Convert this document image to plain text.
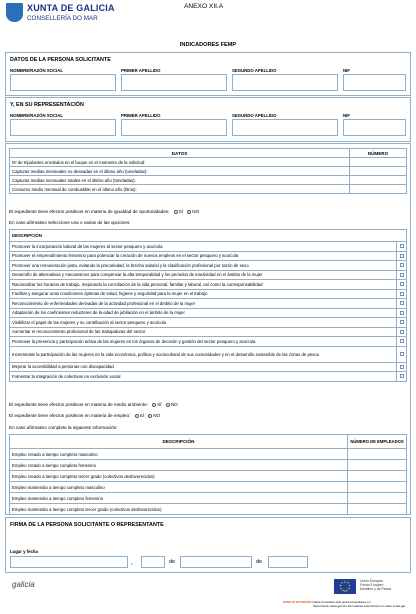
XUNTA DE GALICIA
CONSELLERÍA DO MAR
ANEXO XII.A
INDICADORES FEMP
DATOS DE LA PERSONA SOLICITANTE
NOMBRE/RAZÓN SOCIAL	PRIMER APELLIDO	SEGUNDO APELLIDO	NIF
Y, EN SU REPRESENTACIÓN
NOMBRE/RAZÓN SOCIAL	PRIMER APELLIDO	SEGUNDO APELLIDO	NIF
DATOS	NÚMERO
Nº de tripulantes enrolados en el buque en el momento de la solicitud:	
Capturas medias mensuales no deseadas en el último año (toneladas):	
Capturas medias mensuales totales en el último año (toneladas):	
Consumo medio mensual de combustible en el último año (litros):	
El expediente tiene efectos positivos en materia de igualdad de oportunidades: SÍ NO
En caso afirmativo seleccione una o varias de las opciones:
DESCRIPCIÓN	
Promover la incorporación laboral de las mujeres al sector pesquero y acuícola	

Promover el emprendimiento femenino para potenciar la creación de nuevos empleos en el sector pesquero y acuícola	

Promover una remuneración justa, evitando la precariedad, la brecha salarial y la clasificación profesional por razón de sexo	

Desarrollo de alternativas y mecanismos para compensar la alta temporalidad y los periodos de inactividad en el ámbito de la mujer	

Racionalizar los horarios de trabajo, mejorando la conciliación de la vida personal, familiar y laboral, así como la corresponsabilidad	

Facilitar y asegurar unas condiciones óptimas de salud, higiene y seguridad para la mujer en el trabajo	

Reconocimiento de enfermedades derivadas de la actividad profesional en el ámbito de la mujer	

Adaptación de los coeficientes reductores de la edad de jubilación en el ámbito de la mujer	

Visibilizar el papel de las mujeres y su contribución al sector pesquero y acuícola	

Aumentar el reconocimiento profesional de las trabajadoras del sector	

Promover la presencia y participación activa de las mujeres en los órganos de decisión y gestión del sector pesquero y acuícola	

Incrementar la participación de las mujeres en la vida económica, política y sociocultural de sus comunidades y en el desarrollo sostenible de las zonas de pesca	

Mejorar la accesibilidad a personas con discapacidad	

Fomentar la integración de colectivos en exclusión social	
El expediente tiene efectos positivos en materia de medio ambiente: SÍ NO
El expediente tiene efectos positivos en materia de empleo: SÍ NO
En caso afirmativo complete la siguiente información:
DESCRIPCIÓN	NÚMERO DE EMPLEADOS
Empleo creado a tiempo completo masculino	
Empleo creado a tiempo completo femenino	
Empleo creado a tiempo completo tercer grado (colectivos desfavorecidos)	
Empleo mantenido a tiempo completo masculino	
Empleo mantenido a tiempo completo femenino	
Empleo mantenido a tiempo completo tercer grado (colectivos desfavorecidos)	
FIRMA DE LA PERSONA SOLICITANTE O REPRESENTANTE
Lugar y fecha
,	de	de
galicia	Unión Europea
Fondo Europeo
Marítimo y de Pesca
SEDE ELECTRÓNICA Este formulario sólo podrá presentarse en
https://sede.xunta.gal Ver Formularios electrónicos en sede.xunta.gal
